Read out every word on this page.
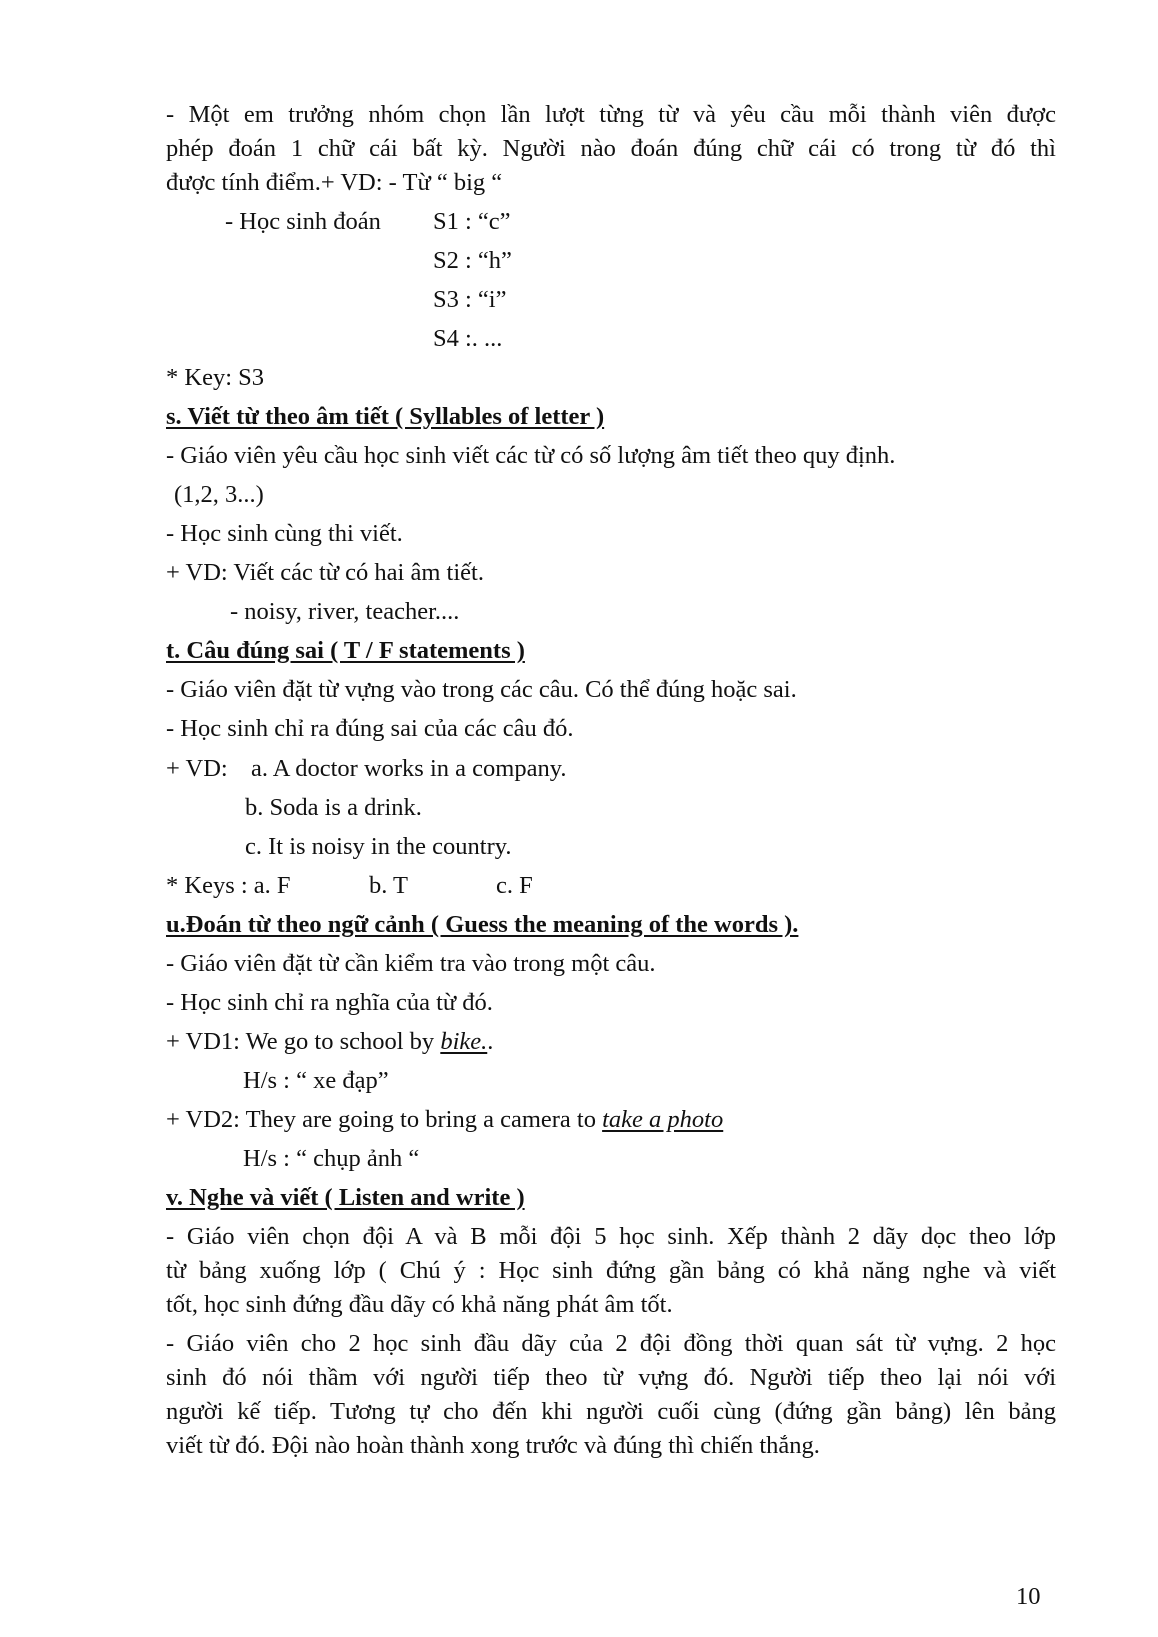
- Một em trưởng nhóm chọn lần lượt từng từ và yêu cầu mỗi thành viên được
phép đoán 1 chữ cái bất kỳ. Người nào đoán đúng chữ cái có trong từ đó thì
được tính điểm.+ VD: - Từ “ big “
- Học sinh đoán S1 : “c”
S2 : “h”
S3 : “i”
S4 :. ...
* Key: S3
s. Viết từ theo âm tiết ( Syllables of letter )
- Giáo viên yêu cầu học sinh viết các từ có số lượng âm tiết theo quy định.
(1,2, 3...)
- Học sinh cùng thi viết.
+ VD: Viết các từ có hai âm tiết.
- noisy, river, teacher....
t. Câu đúng sai ( T / F statements )
- Giáo viên đặt từ vựng vào trong các câu. Có thể đúng hoặc sai.
- Học sinh chỉ ra đúng sai của các câu đó.
+ VD: a. A doctor works in a company.
b. Soda is a drink.
c. It is noisy in the country.
* Keys : a. F	b. T	c. F
u.Đoán từ theo ngữ cảnh ( Guess the meaning of the words ).
- Giáo viên đặt từ cần kiểm tra vào trong một câu.
- Học sinh chỉ ra nghĩa của từ đó.
+ VD1: We go to school by bike..
H/s : “ xe đạp”
+ VD2: They are going to bring a camera to take a photo
H/s : “ chụp ảnh “
v. Nghe và viết ( Listen and write )
- Giáo viên chọn đội A và B mỗi đội 5 học sinh. Xếp thành 2 dãy dọc theo lớp
từ bảng xuống lớp ( Chú ý : Học sinh đứng gần bảng có khả năng nghe và viết
tốt, học sinh đứng đầu dãy có khả năng phát âm tốt.
- Giáo viên cho 2 học sinh đầu dãy của 2 đội đồng thời quan sát từ vựng. 2 học
sinh đó nói thầm với người tiếp theo từ vựng đó. Người tiếp theo lại nói với
người kế tiếp. Tương tự cho đến khi người cuối cùng (đứng gần bảng) lên bảng
viết từ đó. Đội nào hoàn thành xong trước và đúng thì chiến thắng.
10
